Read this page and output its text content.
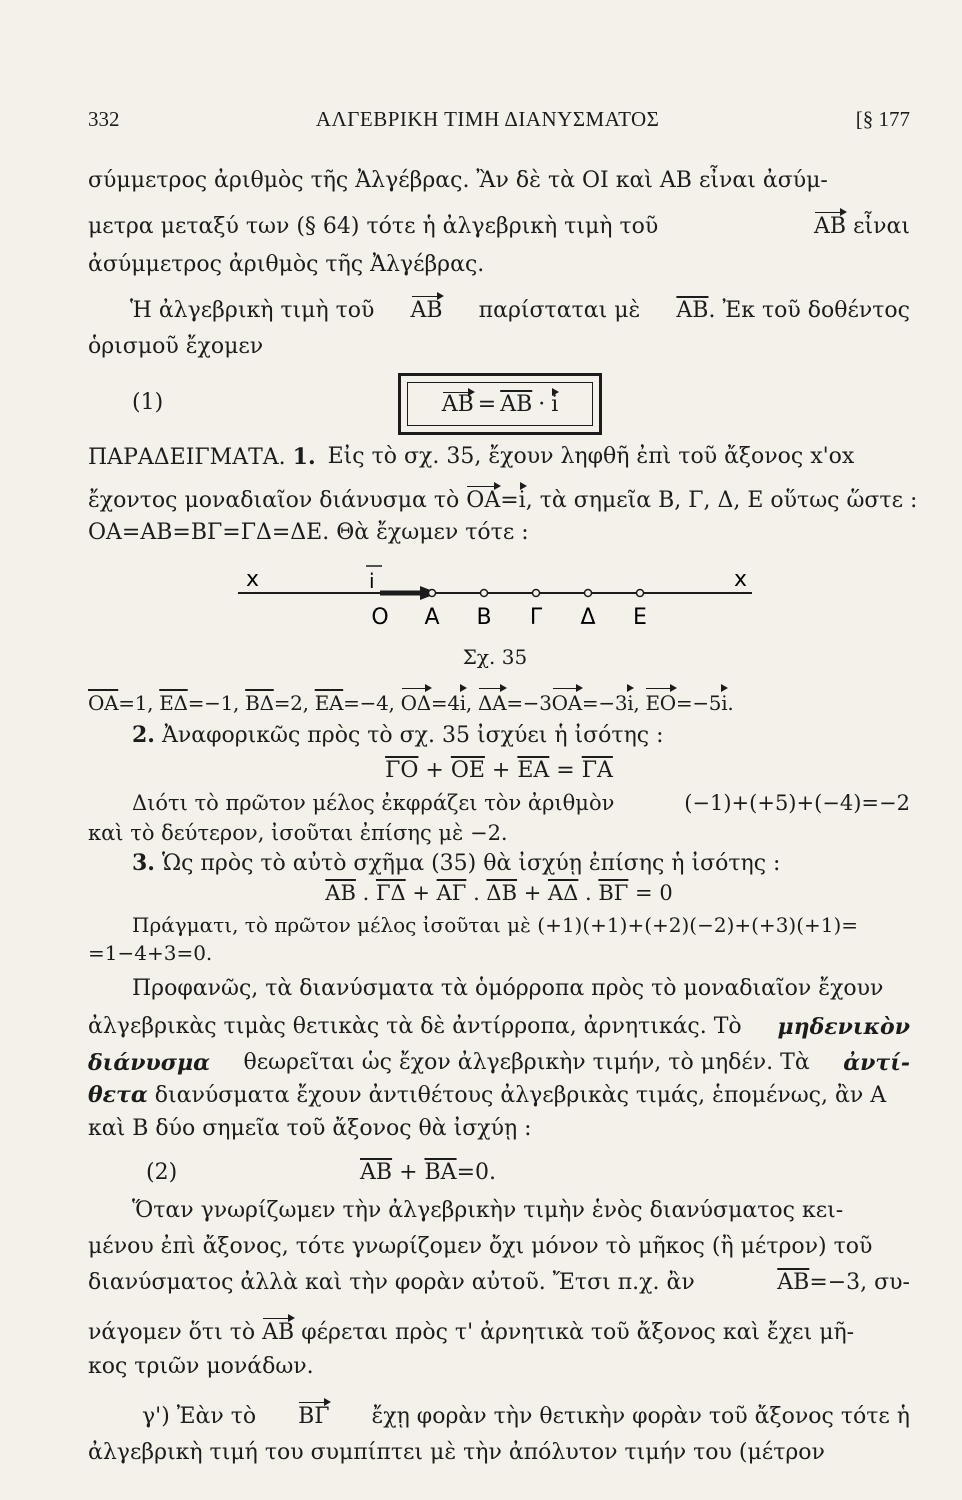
332	ΑΛΓΕΒΡΙΚΗ ΤΙΜΗ ΔΙΑΝΥΣΜΑΤΟΣ	[§ 177
σύμμετρος ἀριθμὸς τῆς Ἀλγέβρας. Ἂν δὲ τὰ ΟΙ καὶ ΑΒ εἶναι ἀσύμ-
μετρα μεταξύ των (§ 64) τότε ἡ ἀλγεβρικὴ τιμὴ τοῦ	ΑΒ εἶναι
ἀσύμμετρος ἀριθμὸς τῆς Ἀλγέβρας.
Ἡ ἀλγεβρικὴ τιμὴ τοῦ ΑΒ παρίσταται μὲ $\overline{AB}$. Ἐκ τοῦ δοθέντος
ὁρισμοῦ ἔχομεν
(1)	$AB = \overline{AB} \cdot i$
ΠΑΡΑΔΕΙΓΜΑΤΑ. 1. Εἰς τὸ σχ. 35, ἔχουν ληφθῆ ἐπὶ τοῦ ἄξονος x'ox
ἔχοντος μοναδιαῖον διάνυσμα τὸ ΟΑ=i, τὰ σημεῖα Β, Γ, Δ, Ε οὕτως ὥστε :
ΟΑ=ΑΒ=ΒΓ=ΓΔ=ΔΕ. Θὰ ἔχωμεν τότε :
x	x
i
O A B Γ Δ E
Σχ. 35
$\overline{OA}=1$, $\overline{E\Delta}=-1$, $\overline{B\Delta}=2$, $\overline{EA}=-4$, ΟΔ=4i, ΔΑ=−3ΟΑ=−3i, ΕΟ=−5i.
2. Ἀναφορικῶς πρὸς τὸ σχ. 35 ἰσχύει ἡ ἰσότης :
$\overline{\Gamma O} + \overline{OE} + \overline{EA} = \overline{\Gamma A}$
Διότι τὸ πρῶτον μέλος ἐκφράζει τὸν ἀριθμὸν	(−1)+(+5)+(−4)=−2
καὶ τὸ δεύτερον, ἰσοῦται ἐπίσης μὲ −2.
3. Ὡς πρὸς τὸ αὐτὸ σχῆμα (35) θὰ ἰσχύῃ ἐπίσης ἡ ἰσότης :
$\overline{AB}$ . $\overline{\Gamma\Delta} + \overline{A\Gamma}$ . $\overline{\Delta B} + \overline{A\Delta}$ . $\overline{B\Gamma} = 0$
Πράγματι, τὸ πρῶτον μέλος ἰσοῦται μὲ (+1)(+1)+(+2)(−2)+(+3)(+1)=
=1−4+3=0.
Προφανῶς, τὰ διανύσματα τὰ ὁμόρροπα πρὸς τὸ μοναδιαῖον ἔχουν
ἀλγεβρικὰς τιμὰς θετικὰς τὰ δὲ ἀντίρροπα, ἀρνητικάς. Τὸ μηδενικὸν
διάνυσμα θεωρεῖται ὡς ἔχον ἀλγεβρικὴν τιμήν, τὸ μηδέν. Τὰ ἀντί-
θετα διανύσματα ἔχουν ἀντιθέτους ἀλγεβρικὰς τιμάς, ἑπομένως, ἂν Α
καὶ Β δύο σημεῖα τοῦ ἄξονος θὰ ἰσχύῃ :
(2)	$\overline{AB} + \overline{BA}=0$.
Ὅταν γνωρίζωμεν τὴν ἀλγεβρικὴν τιμὴν ἑνὸς διανύσματος κει-
μένου ἐπὶ ἄξονος, τότε γνωρίζομεν ὄχι μόνον τὸ μῆκος (ἢ μέτρον) τοῦ
διανύσματος ἀλλὰ καὶ τὴν φορὰν αὐτοῦ. Ἔτσι π.χ. ἂν	$\overline{AB}=-3$, συ-
νάγομεν ὅτι τὸ ΑΒ φέρεται πρὸς τ' ἀρνητικὰ τοῦ ἄξονος καὶ ἔχει μῆ-
κος τριῶν μονάδων.
γ') Ἐὰν τὸ ΒΓ ἔχῃ φορὰν τὴν θετικὴν φορὰν τοῦ ἄξονος τότε ἡ
ἀλγεβρικὴ τιμή του συμπίπτει μὲ τὴν ἀπόλυτον τιμήν του (μέτρον
